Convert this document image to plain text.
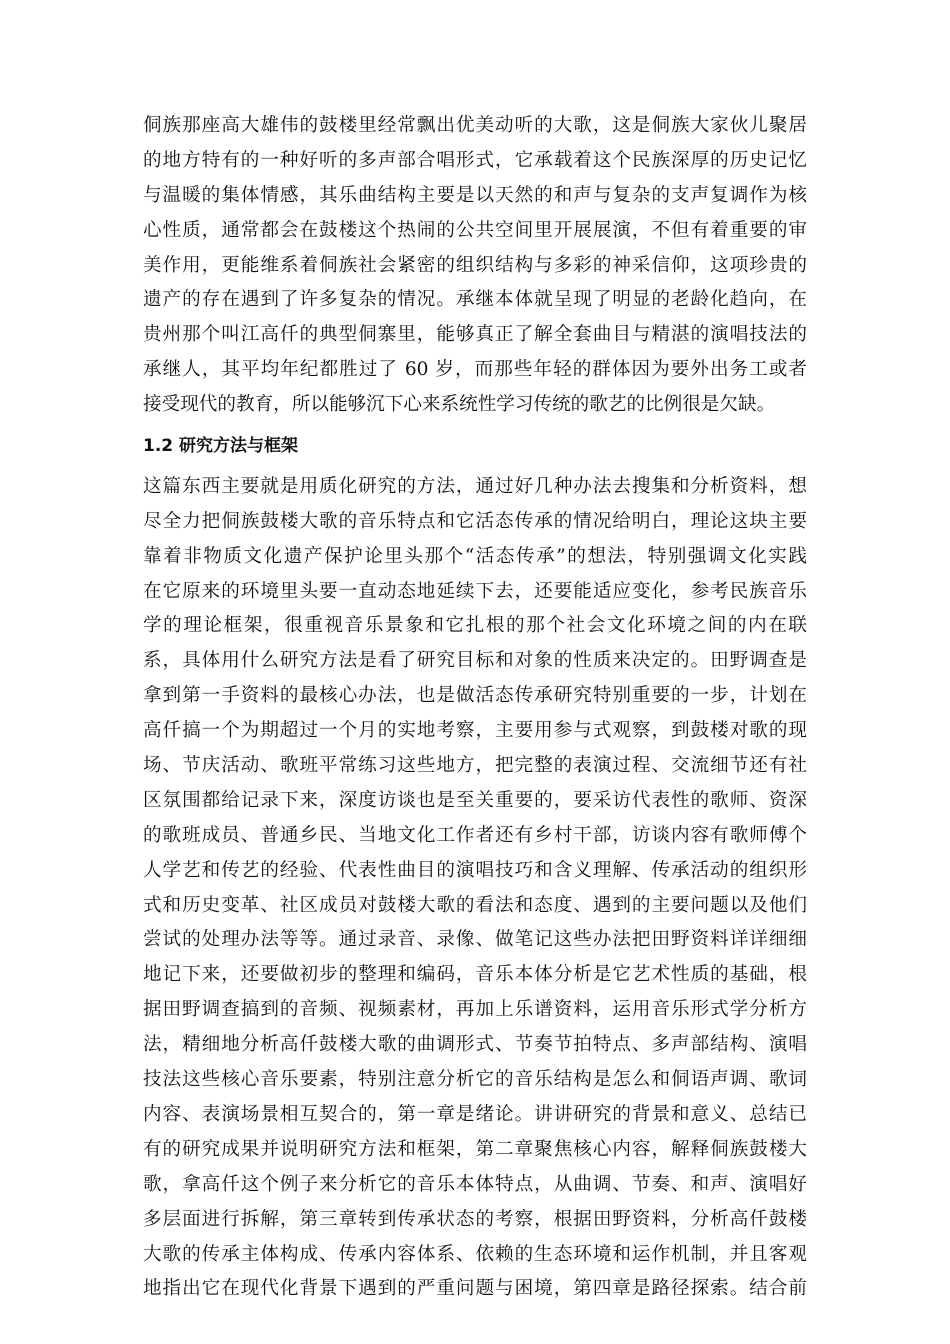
侗族那座高大雄伟的鼓楼里经常飘出优美动听的大歌，这是侗族大家伙儿聚居
的地方特有的一种好听的多声部合唱形式，它承载着这个民族深厚的历史记忆
与温暖的集体情感，其乐曲结构主要是以天然的和声与复杂的支声复调作为核
心性质，通常都会在鼓楼这个热闹的公共空间里开展展演，不但有着重要的审
美作用，更能维系着侗族社会紧密的组织结构与多彩的神采信仰，这项珍贵的
遗产的存在遇到了许多复杂的情况。承继本体就呈现了明显的老龄化趋向，在
贵州那个叫江高仟的典型侗寨里，能够真正了解全套曲目与精湛的演唱技法的
承继人，其平均年纪都胜过了 60 岁，而那些年轻的群体因为要外出务工或者
接受现代的教育，所以能够沉下心来系统性学习传统的歌艺的比例很是欠缺。
1.2 研究方法与框架
这篇东西主要就是用质化研究的方法，通过好几种办法去搜集和分析资料，想
尽全力把侗族鼓楼大歌的音乐特点和它活态传承的情况给明白，理论这块主要
靠着非物质文化遗产保护论里头那个“活态传承”的想法，特别强调文化实践
在它原来的环境里头要一直动态地延续下去，还要能适应变化，参考民族音乐
学的理论框架，很重视音乐景象和它扎根的那个社会文化环境之间的内在联
系，具体用什么研究方法是看了研究目标和对象的性质来决定的。田野调查是
拿到第一手资料的最核心办法，也是做活态传承研究特别重要的一步，计划在
高仟搞一个为期超过一个月的实地考察，主要用参与式观察，到鼓楼对歌的现
场、节庆活动、歌班平常练习这些地方，把完整的表演过程、交流细节还有社
区氛围都给记录下来，深度访谈也是至关重要的，要采访代表性的歌师、资深
的歌班成员、普通乡民、当地文化工作者还有乡村干部，访谈内容有歌师傅个
人学艺和传艺的经验、代表性曲目的演唱技巧和含义理解、传承活动的组织形
式和历史变革、社区成员对鼓楼大歌的看法和态度、遇到的主要问题以及他们
尝试的处理办法等等。通过录音、录像、做笔记这些办法把田野资料详详细细
地记下来，还要做初步的整理和编码，音乐本体分析是它艺术性质的基础，根
据田野调查搞到的音频、视频素材，再加上乐谱资料，运用音乐形式学分析方
法，精细地分析高仟鼓楼大歌的曲调形式、节奏节拍特点、多声部结构、演唱
技法这些核心音乐要素，特别注意分析它的音乐结构是怎么和侗语声调、歌词
内容、表演场景相互契合的，第一章是绪论。讲讲研究的背景和意义、总结已
有的研究成果并说明研究方法和框架，第二章聚焦核心内容，解释侗族鼓楼大
歌，拿高仟这个例子来分析它的音乐本体特点，从曲调、节奏、和声、演唱好
多层面进行拆解，第三章转到传承状态的考察，根据田野资料，分析高仟鼓楼
大歌的传承主体构成、传承内容体系、依赖的生态环境和运作机制，并且客观
地指出它在现代化背景下遇到的严重问题与困境，第四章是路径探索。结合前
